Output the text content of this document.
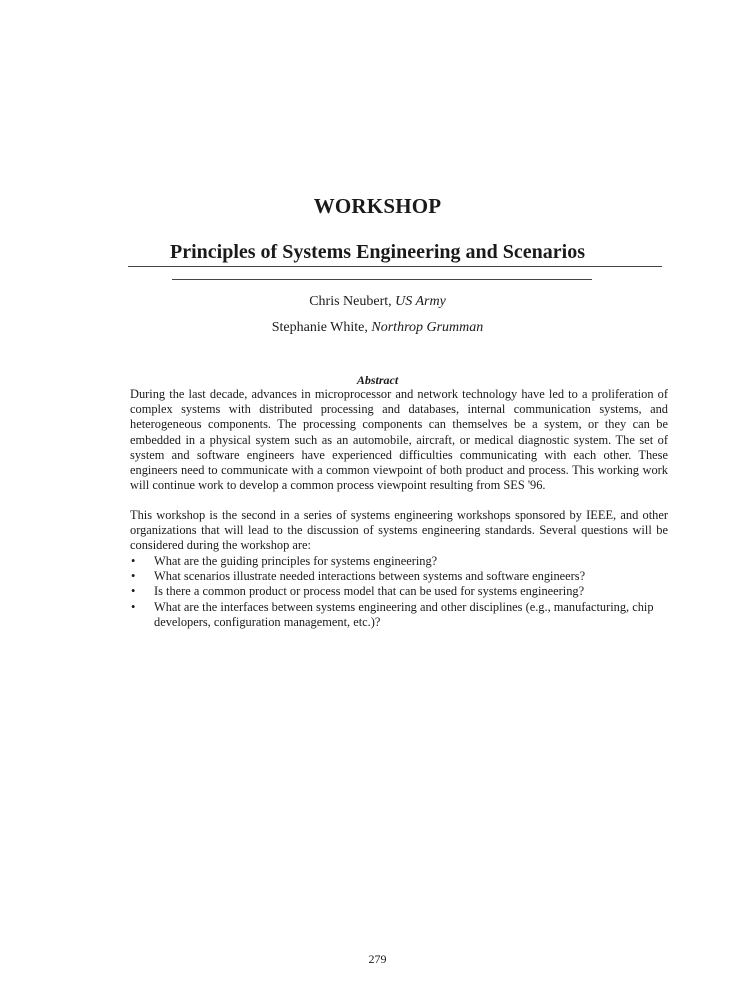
WORKSHOP
Principles of Systems Engineering and Scenarios
Chris Neubert, US Army
Stephanie White, Northrop Grumman
Abstract
During the last decade, advances in microprocessor and network technology have led to a proliferation of complex systems with distributed processing and databases, internal communication systems, and heterogeneous components. The processing components can themselves be a system, or they can be embedded in a physical system such as an automobile, aircraft, or medical diagnostic system. The set of system and software engineers have experienced difficulties communicating with each other. These engineers need to communicate with a common viewpoint of both product and process. This working work will continue work to develop a common process viewpoint resulting from SES '96.
This workshop is the second in a series of systems engineering workshops sponsored by IEEE, and other organizations that will lead to the discussion of systems engineering standards. Several questions will be considered during the workshop are:
• What are the guiding principles for systems engineering?
• What scenarios illustrate needed interactions between systems and software engineers?
• Is there a common product or process model that can be used for systems engineering?
• What are the interfaces between systems engineering and other disciplines (e.g., manufacturing, chip developers, configuration management, etc.)?
279
